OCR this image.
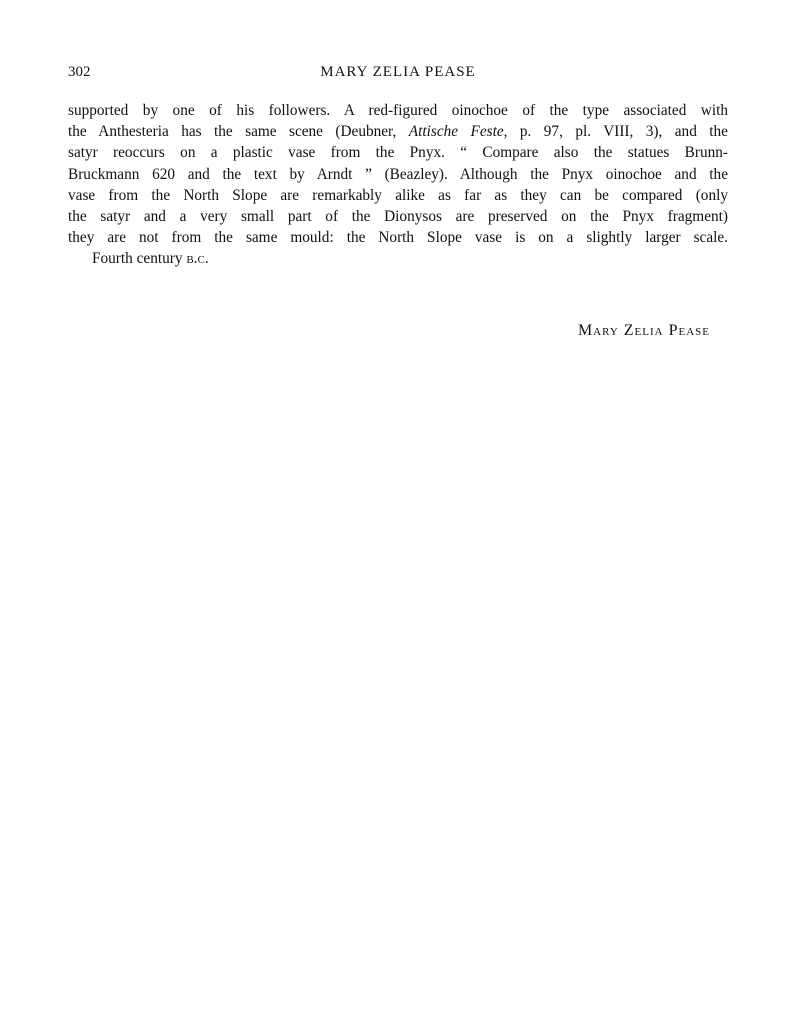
302	MARY ZELIA PEASE
supported by one of his followers. A red-figured oinochoe of the type associated with
the Anthesteria has the same scene (Deubner, Attische Feste, p. 97, pl. VIII, 3), and the
satyr reoccurs on a plastic vase from the Pnyx. “ Compare also the statues Brunn-
Bruckmann 620 and the text by Arndt ” (Beazley). Although the Pnyx oinochoe and the
vase from the North Slope are remarkably alike as far as they can be compared (only
the satyr and a very small part of the Dionysos are preserved on the Pnyx fragment)
they are not from the same mould: the North Slope vase is on a slightly larger scale.
Fourth century b.c.
Mary Zelia Pease
